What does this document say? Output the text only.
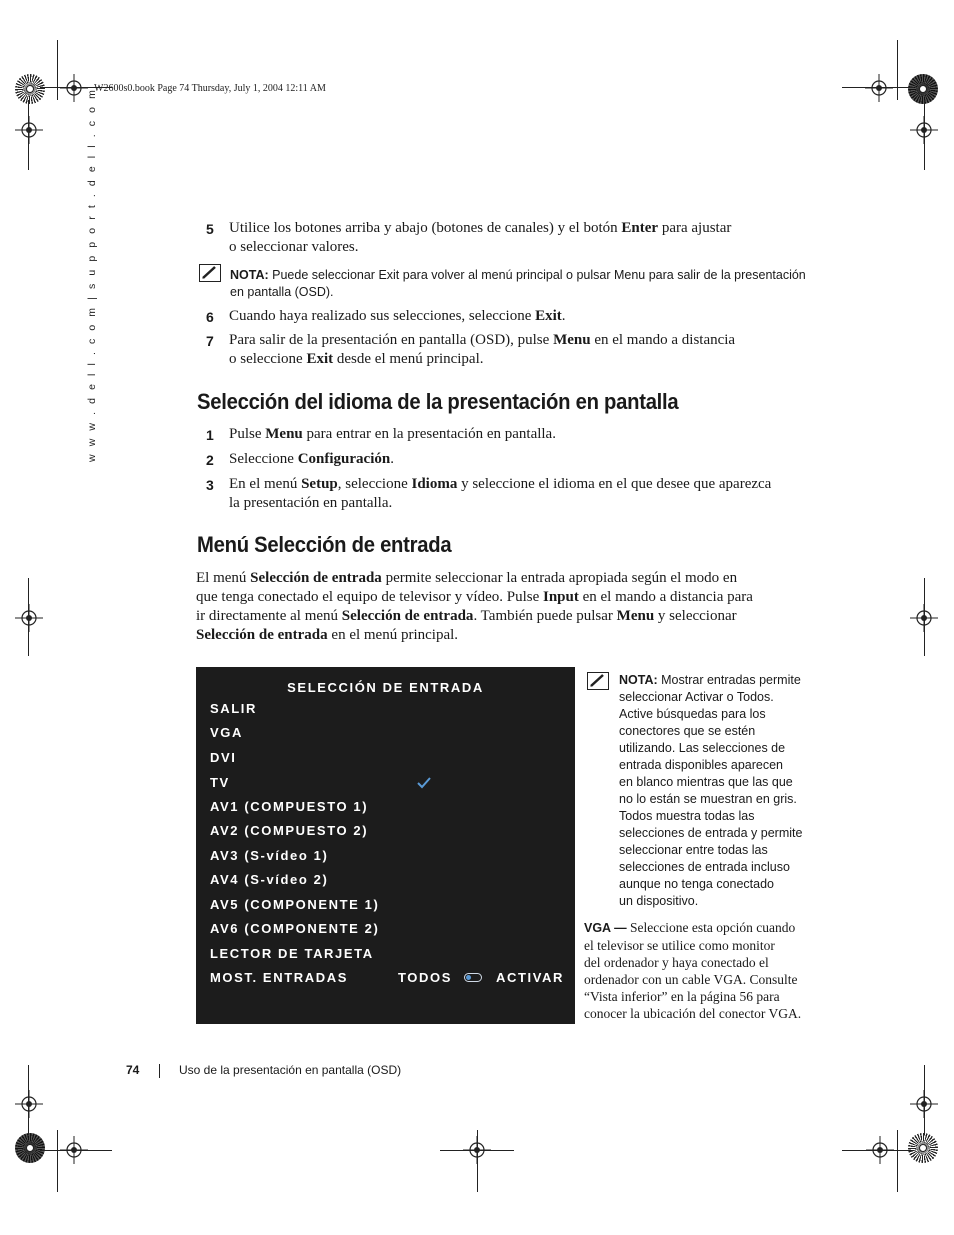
W2600s0.book Page 74 Thursday, July 1, 2004 12:11 AM
w w w . d e l l . c o m | s u p p o r t . d e l l . c o m	5 Utilice los botones arriba y abajo (botones de canales) y el botón Enter para ajustar
o seleccionar valores.
NOTA: Puede seleccionar Exit para volver al menú principal o pulsar Menu para salir de la presentación
en pantalla (OSD).
6 Cuando haya realizado sus selecciones, seleccione Exit.
7 Para salir de la presentación en pantalla (OSD), pulse Menu en el mando a distancia
o seleccione Exit desde el menú principal.
Selección del idioma de la presentación en pantalla
1 Pulse Menu para entrar en la presentación en pantalla.
2 Seleccione Configuración.
3 En el menú Setup, seleccione Idioma y seleccione el idioma en el que desee que aparezca
la presentación en pantalla.
Menú Selección de entrada
El menú Selección de entrada permite seleccionar la entrada apropiada según el modo en
que tenga conectado el equipo de televisor y vídeo. Pulse Input en el mando a distancia para
ir directamente al menú Selección de entrada. También puede pulsar Menu y seleccionar
Selección de entrada en el menú principal.
SELECCIÓN DE ENTRADA
SALIR
VGA
DVI
TV
AV1 (COMPUESTO 1)
AV2 (COMPUESTO 2)
AV3 (S-vídeo 1)
AV4 (S-vídeo 2)
AV5 (COMPONENTE 1)
AV6 (COMPONENTE 2)
LECTOR DE TARJETA
MOST. ENTRADAS	TODOS	ACTIVAR
NOTA: Mostrar entradas permite
seleccionar Activar o Todos.
Active búsquedas para los
conectores que se estén
utilizando. Las selecciones de
entrada disponibles aparecen
en blanco mientras que las que
no lo están se muestran en gris.
Todos muestra todas las
selecciones de entrada y permite
seleccionar entre todas las
selecciones de entrada incluso
aunque no tenga conectado
un dispositivo.
VGA — Seleccione esta opción cuando
el televisor se utilice como monitor
del ordenador y haya conectado el
ordenador con un cable VGA. Consulte
“Vista inferior” en la página 56 para
conocer la ubicación del conector VGA.
74	Uso de la presentación en pantalla (OSD)
